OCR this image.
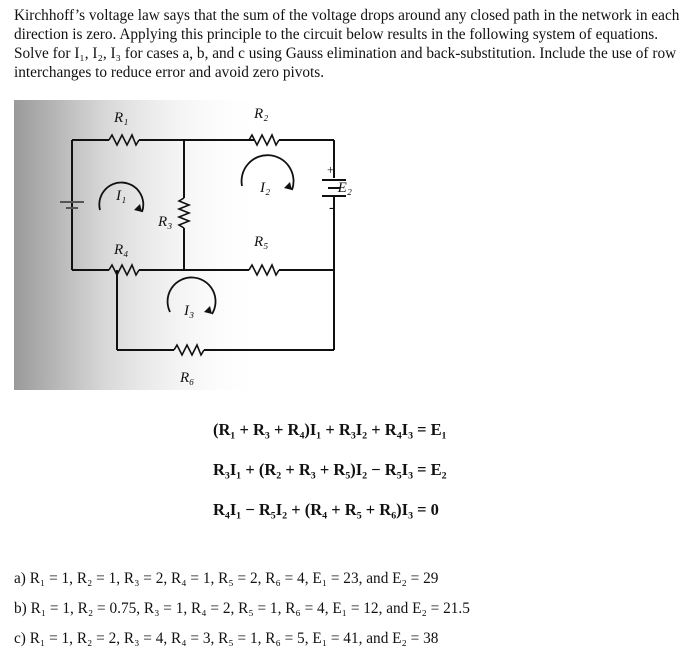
Kirchhoff’s voltage law says that the sum of the voltage drops around any closed path in the network in each direction is zero. Applying this principle to the circuit below results in the following system of equations. Solve for I₁, I₂, I₃ for cases a, b, and c using Gauss elimination and back-substitution. Include the use of row interchanges to reduce error and avoid zero pivots.
R₁	R₂
R₃
R₄	R₅
R₆
I₁	I₂
I₃
E₂
+
-
(R₁ + R₃ + R₄)I₁ + R₃I₂ + R₄I₃ = E₁
R₃I₁ + (R₂ + R₃ + R₅)I₂ − R₅I₃ = E₂
R₄I₁ − R₅I₂ + (R₄ + R₅ + R₆)I₃ = 0
a) R₁ = 1, R₂ = 1, R₃ = 2, R₄ = 1, R₅ = 2, R₆ = 4, E₁ = 23, and E₂ = 29
b) R₁ = 1, R₂ = 0.75, R₃ = 1, R₄ = 2, R₅ = 1, R₆ = 4, E₁ = 12, and E₂ = 21.5
c) R₁ = 1, R₂ = 2, R₃ = 4, R₄ = 3, R₅ = 1, R₆ = 5, E₁ = 41, and E₂ = 38
